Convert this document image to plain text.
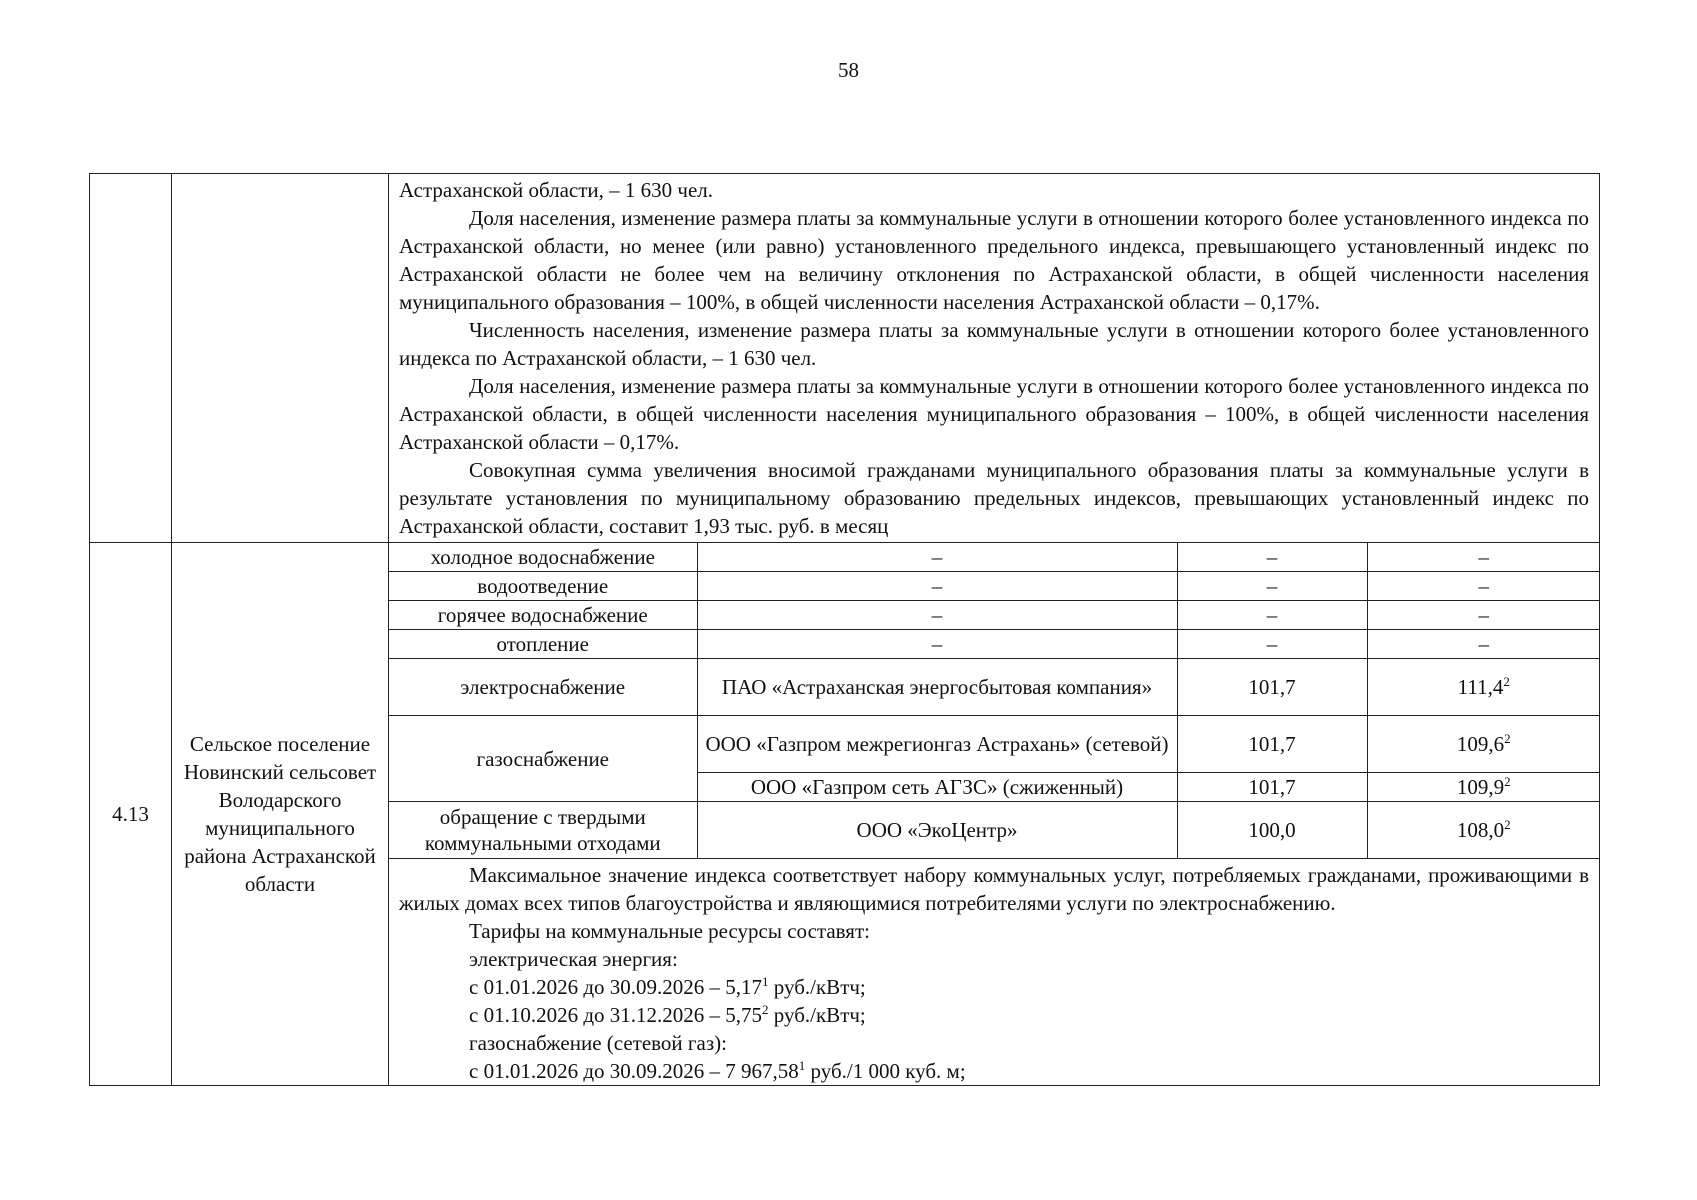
58

Астраханской области, – 1 630 чел.

Доля населения, изменение размера платы за коммунальные услуги в отношении которого более установленного индекса по Астраханской области, но менее (или равно) установленного предельного индекса, превышающего установленный индекс по Астраханской области не более чем на величину отклонения по Астраханской области, в общей численности населения муниципального образования – 100%, в общей численности населения Астраханской области – 0,17%.

Численность населения, изменение размера платы за коммунальные услуги в отношении которого более установленного индекса по Астраханской области, – 1 630 чел.

Доля населения, изменение размера платы за коммунальные услуги в отношении которого более установленного индекса по Астраханской области, в общей численности населения муниципального образования – 100%, в общей численности населения Астраханской области – 0,17%.

Совокупная сумма увеличения вносимой гражданами муниципального образования платы за коммунальные услуги в результате установления по муниципальному образованию предельных индексов, превышающих установленный индекс по Астраханской области, составит 1,93 тыс. руб. в месяц

4.13	Сельское поселение Новинский сельсовет Володарского муниципального района Астраханской области	
холодное водоснабжение	–	–	–
водоотведение	–	–	–
горячее водоснабжение	–	–	–
отопление	–	–	–
электроснабжение	ПАО «Астраханская энергосбытовая компания»	101,7	111,4$^2$
газоснабжение	ООО «Газпром межрегионгаз Астрахань» (сетевой)	101,7	109,6$^2$
ООО «Газпром сеть АГЗС» (сжиженный)	101,7	109,9$^2$
обращение с твердыми коммунальными отходами	ООО «ЭкоЦентр»	100,0	108,0$^2$

Максимальное значение индекса соответствует набору коммунальных услуг, потребляемых гражданами, проживающими в жилых домах всех типов благоустройства и являющимися потребителями услуги по электроснабжению.

Тарифы на коммунальные ресурсы составят:

электрическая энергия:

с 01.01.2026 до 30.09.2026 – 5,17$^1$ руб./кВтч;

с 01.10.2026 до 31.12.2026 – 5,75$^2$ руб./кВтч;

газоснабжение (сетевой газ):

с 01.01.2026 до 30.09.2026 – 7 967,58$^1$ руб./1 000 куб. м;
